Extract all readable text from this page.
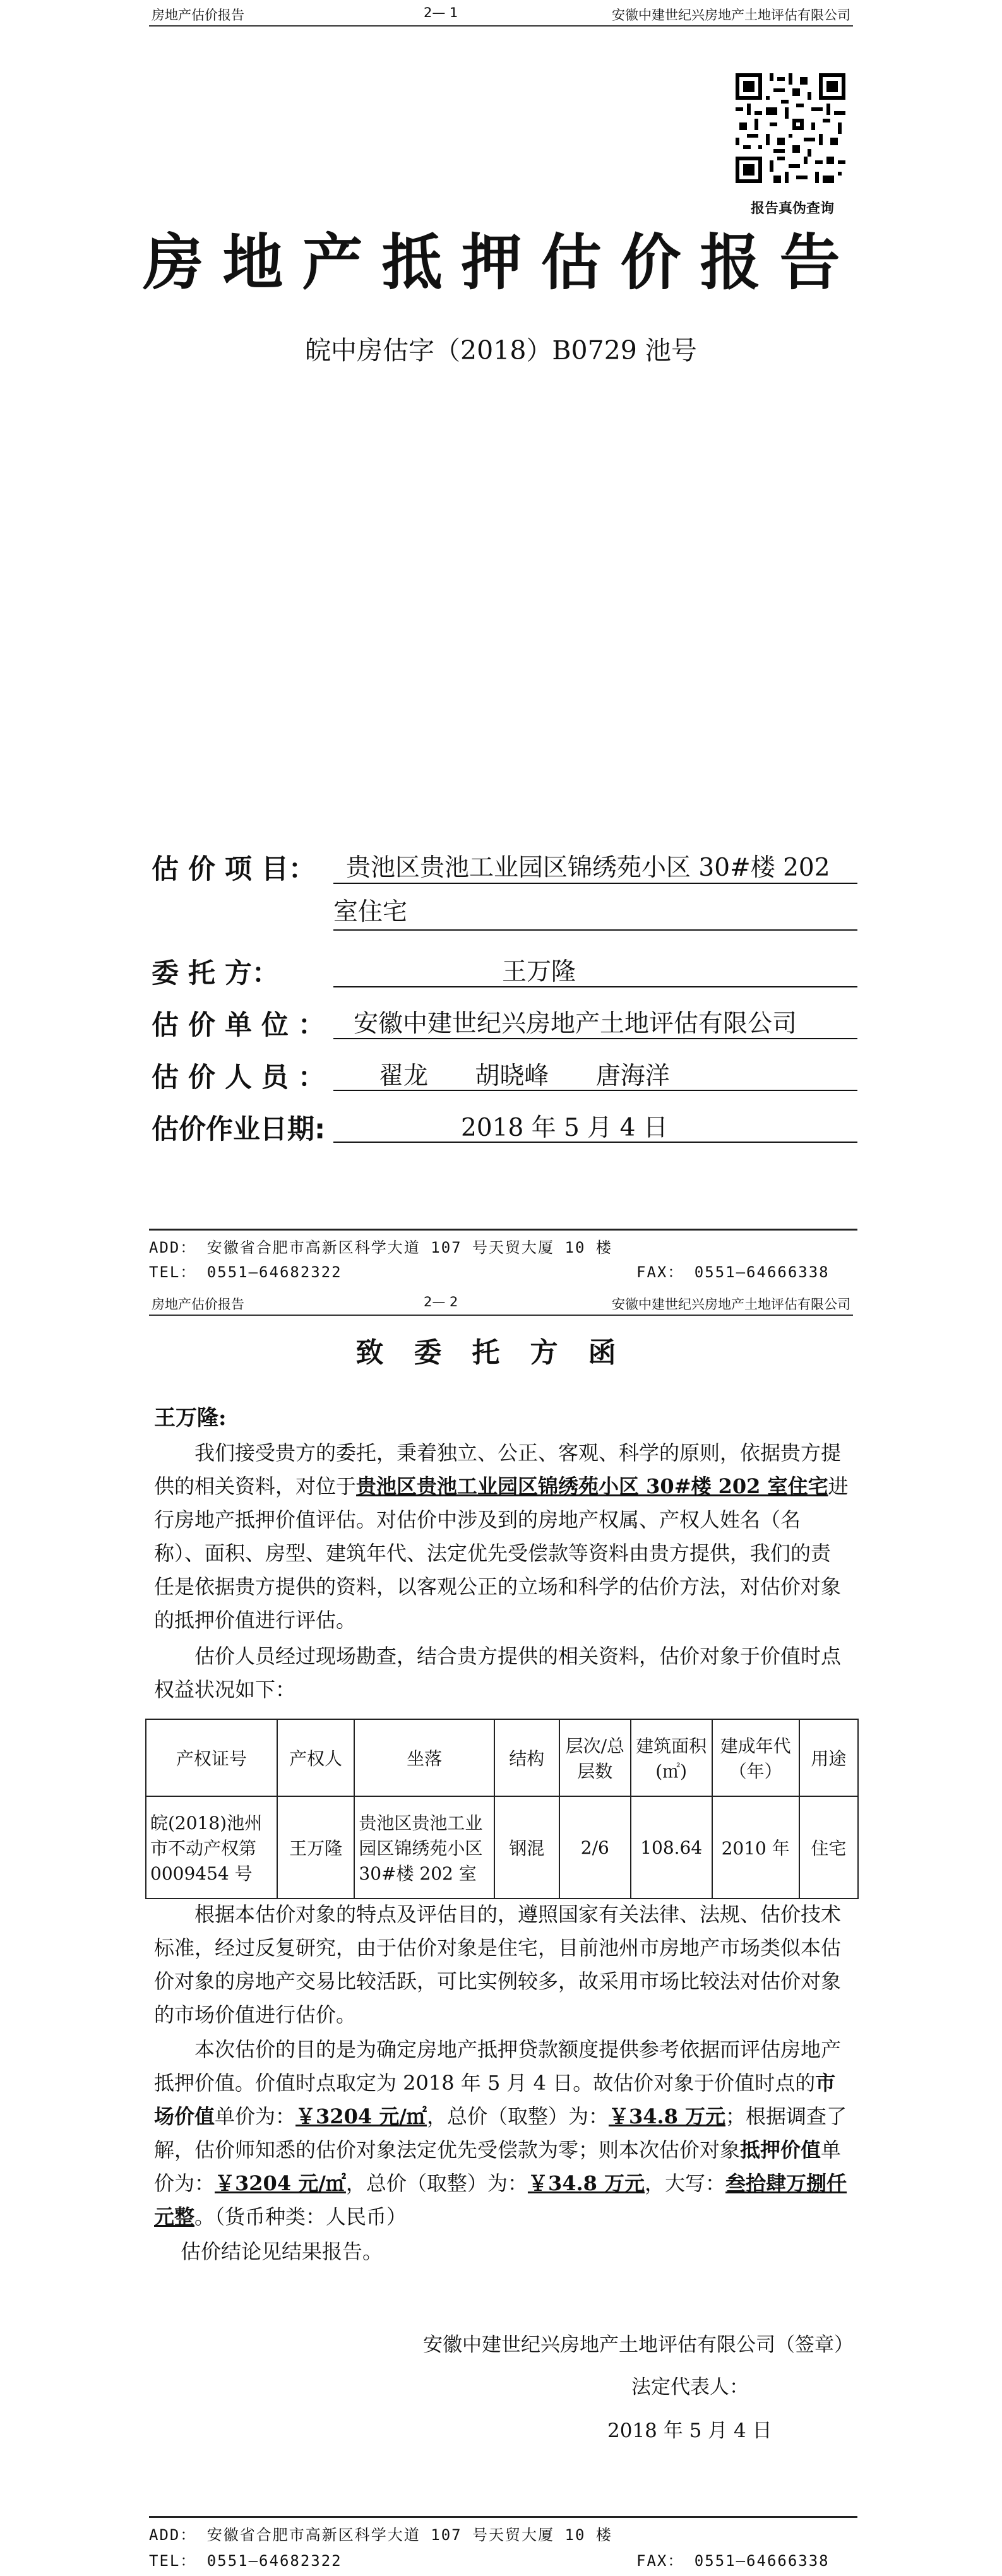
房地产估价报告	2— 1	安徽中建世纪兴房地产土地评估有限公司
报告真伪查询
房地产抵押估价报告
皖中房估字（2018）B0729 池号
估 价 项 目： 贵池区贵池工业园区锦绣苑小区 30#楼 202
室住宅
委 托 方：	王万隆
估 价 单 位 ： 安徽中建世纪兴房地产土地评估有限公司
估 价 人 员 ： 翟龙      胡晓峰      唐海洋
估价作业日期:	2018 年 5 月 4 日
ADD： 安徽省合肥市高新区科学大道 107 号天贸大厦 10 楼
TEL： 0551—64682322	FAX： 0551—64666338
房地产估价报告	2— 2	安徽中建世纪兴房地产土地评估有限公司
致委托方函
王万隆:
我们接受贵方的委托，秉着独立、公正、客观、科学的原则，依据贵方提供的相关资料，对位于贵池区贵池工业园区锦绣苑小区 30#楼 202 室住宅进行房地产抵押价值评估。对估价中涉及到的房地产权属、产权人姓名（名称）、面积、房型、建筑年代、法定优先受偿款等资料由贵方提供，我们的责任是依据贵方提供的资料，以客观公正的立场和科学的估价方法，对估价对象的抵押价值进行评估。
估价人员经过现场勘查，结合贵方提供的相关资料，估价对象于价值时点权益状况如下：
产权证号	产权人	坐落	结构	层次/总层数	建筑面积(㎡)	建成年代（年）	用途
皖(2018)池州市不动产权第 0009454 号	王万隆	贵池区贵池工业园区锦绣苑小区 30#楼 202 室	钢混	2/6	108.64	2010 年	住宅
根据本估价对象的特点及评估目的，遵照国家有关法律、法规、估价技术标准，经过反复研究，由于估价对象是住宅，目前池州市房地产市场类似本估价对象的房地产交易比较活跃，可比实例较多，故采用市场比较法对估价对象的市场价值进行估价。
本次估价的目的是为确定房地产抵押贷款额度提供参考依据而评估房地产抵押价值。价值时点取定为 2018 年 5 月 4 日。故估价对象于价值时点的市场价值单价为：￥3204 元/㎡，总价（取整）为：￥34.8 万元；根据调查了解，估价师知悉的估价对象法定优先受偿款为零；则本次估价对象抵押价值单价为：￥3204 元/㎡，总价（取整）为：￥34.8 万元，大写：叁拾肆万捌仟元整。（货币种类：人民币）
估价结论见结果报告。
安徽中建世纪兴房地产土地评估有限公司（签章）
法定代表人：
2018 年 5 月 4 日
ADD： 安徽省合肥市高新区科学大道 107 号天贸大厦 10 楼
TEL： 0551—64682322	FAX： 0551—64666338
